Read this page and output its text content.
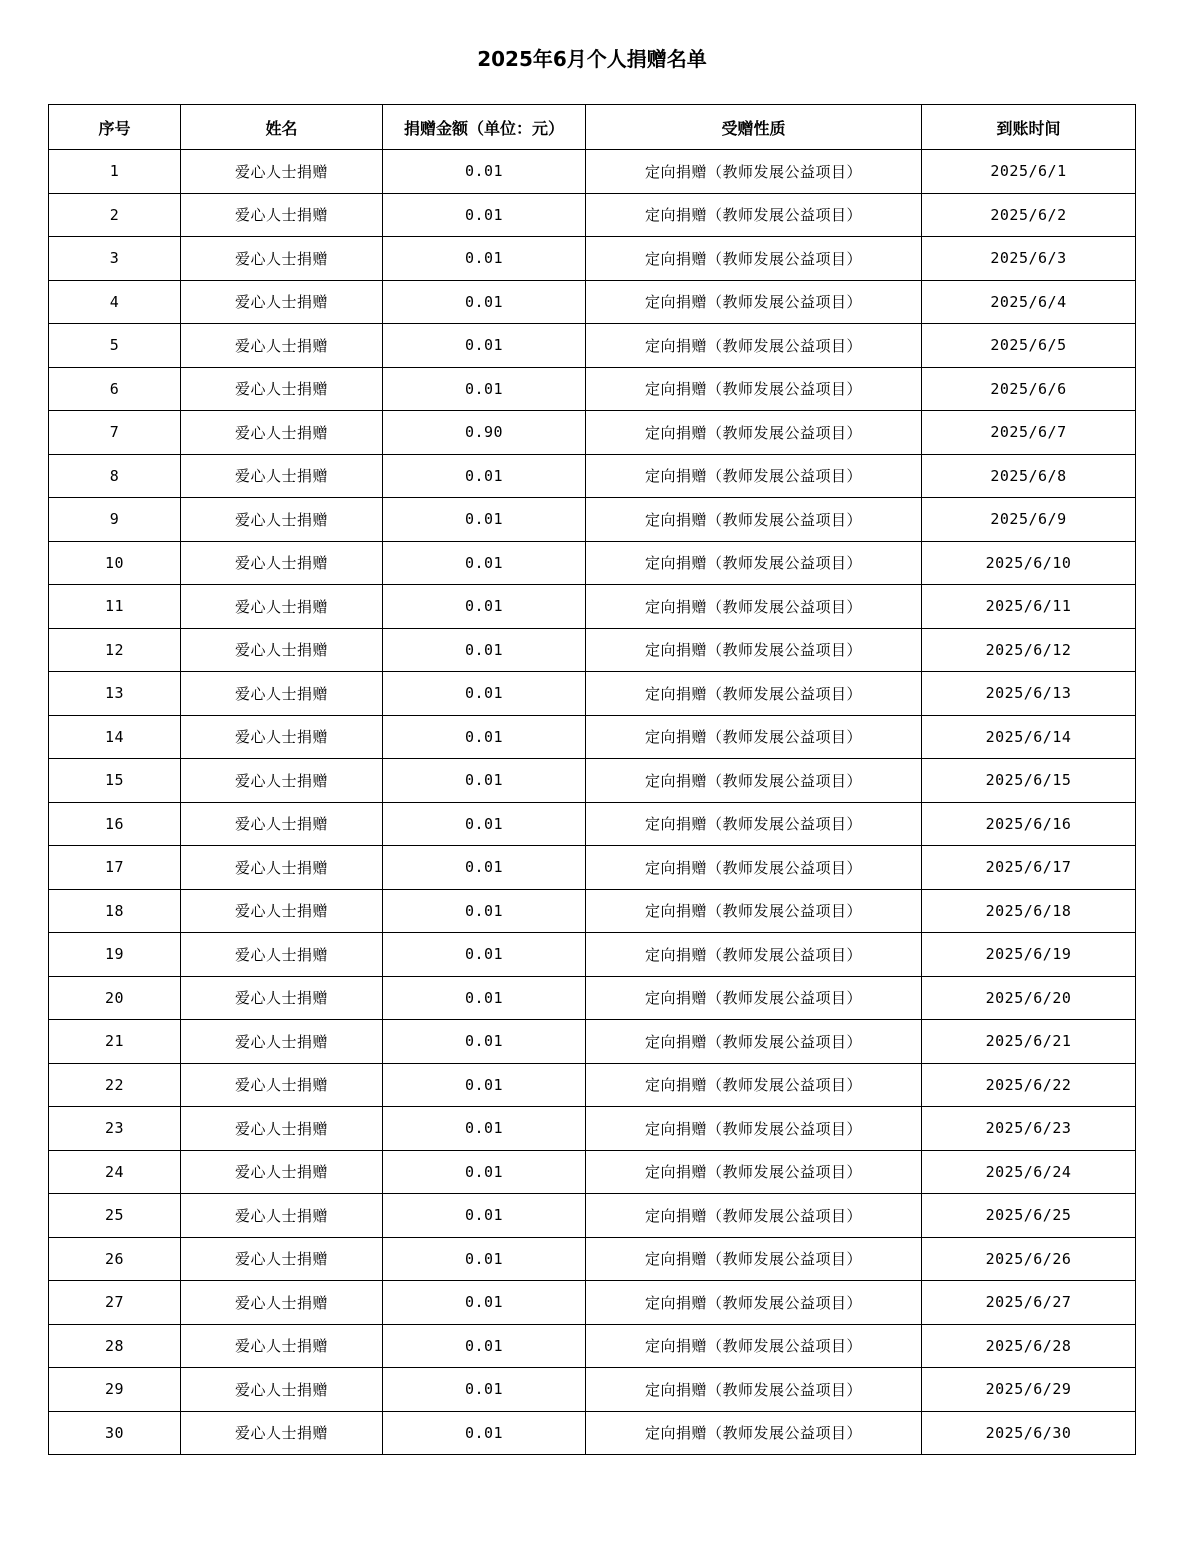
2025年6月个人捐赠名单
序号	姓名	捐赠金额（单位：元）	受赠性质	到账时间
1	爱心人士捐赠	0.01	定向捐赠（教师发展公益项目）	2025/6/1
2	爱心人士捐赠	0.01	定向捐赠（教师发展公益项目）	2025/6/2
3	爱心人士捐赠	0.01	定向捐赠（教师发展公益项目）	2025/6/3
4	爱心人士捐赠	0.01	定向捐赠（教师发展公益项目）	2025/6/4
5	爱心人士捐赠	0.01	定向捐赠（教师发展公益项目）	2025/6/5
6	爱心人士捐赠	0.01	定向捐赠（教师发展公益项目）	2025/6/6
7	爱心人士捐赠	0.90	定向捐赠（教师发展公益项目）	2025/6/7
8	爱心人士捐赠	0.01	定向捐赠（教师发展公益项目）	2025/6/8
9	爱心人士捐赠	0.01	定向捐赠（教师发展公益项目）	2025/6/9
10	爱心人士捐赠	0.01	定向捐赠（教师发展公益项目）	2025/6/10
11	爱心人士捐赠	0.01	定向捐赠（教师发展公益项目）	2025/6/11
12	爱心人士捐赠	0.01	定向捐赠（教师发展公益项目）	2025/6/12
13	爱心人士捐赠	0.01	定向捐赠（教师发展公益项目）	2025/6/13
14	爱心人士捐赠	0.01	定向捐赠（教师发展公益项目）	2025/6/14
15	爱心人士捐赠	0.01	定向捐赠（教师发展公益项目）	2025/6/15
16	爱心人士捐赠	0.01	定向捐赠（教师发展公益项目）	2025/6/16
17	爱心人士捐赠	0.01	定向捐赠（教师发展公益项目）	2025/6/17
18	爱心人士捐赠	0.01	定向捐赠（教师发展公益项目）	2025/6/18
19	爱心人士捐赠	0.01	定向捐赠（教师发展公益项目）	2025/6/19
20	爱心人士捐赠	0.01	定向捐赠（教师发展公益项目）	2025/6/20
21	爱心人士捐赠	0.01	定向捐赠（教师发展公益项目）	2025/6/21
22	爱心人士捐赠	0.01	定向捐赠（教师发展公益项目）	2025/6/22
23	爱心人士捐赠	0.01	定向捐赠（教师发展公益项目）	2025/6/23
24	爱心人士捐赠	0.01	定向捐赠（教师发展公益项目）	2025/6/24
25	爱心人士捐赠	0.01	定向捐赠（教师发展公益项目）	2025/6/25
26	爱心人士捐赠	0.01	定向捐赠（教师发展公益项目）	2025/6/26
27	爱心人士捐赠	0.01	定向捐赠（教师发展公益项目）	2025/6/27
28	爱心人士捐赠	0.01	定向捐赠（教师发展公益项目）	2025/6/28
29	爱心人士捐赠	0.01	定向捐赠（教师发展公益项目）	2025/6/29
30	爱心人士捐赠	0.01	定向捐赠（教师发展公益项目）	2025/6/30
